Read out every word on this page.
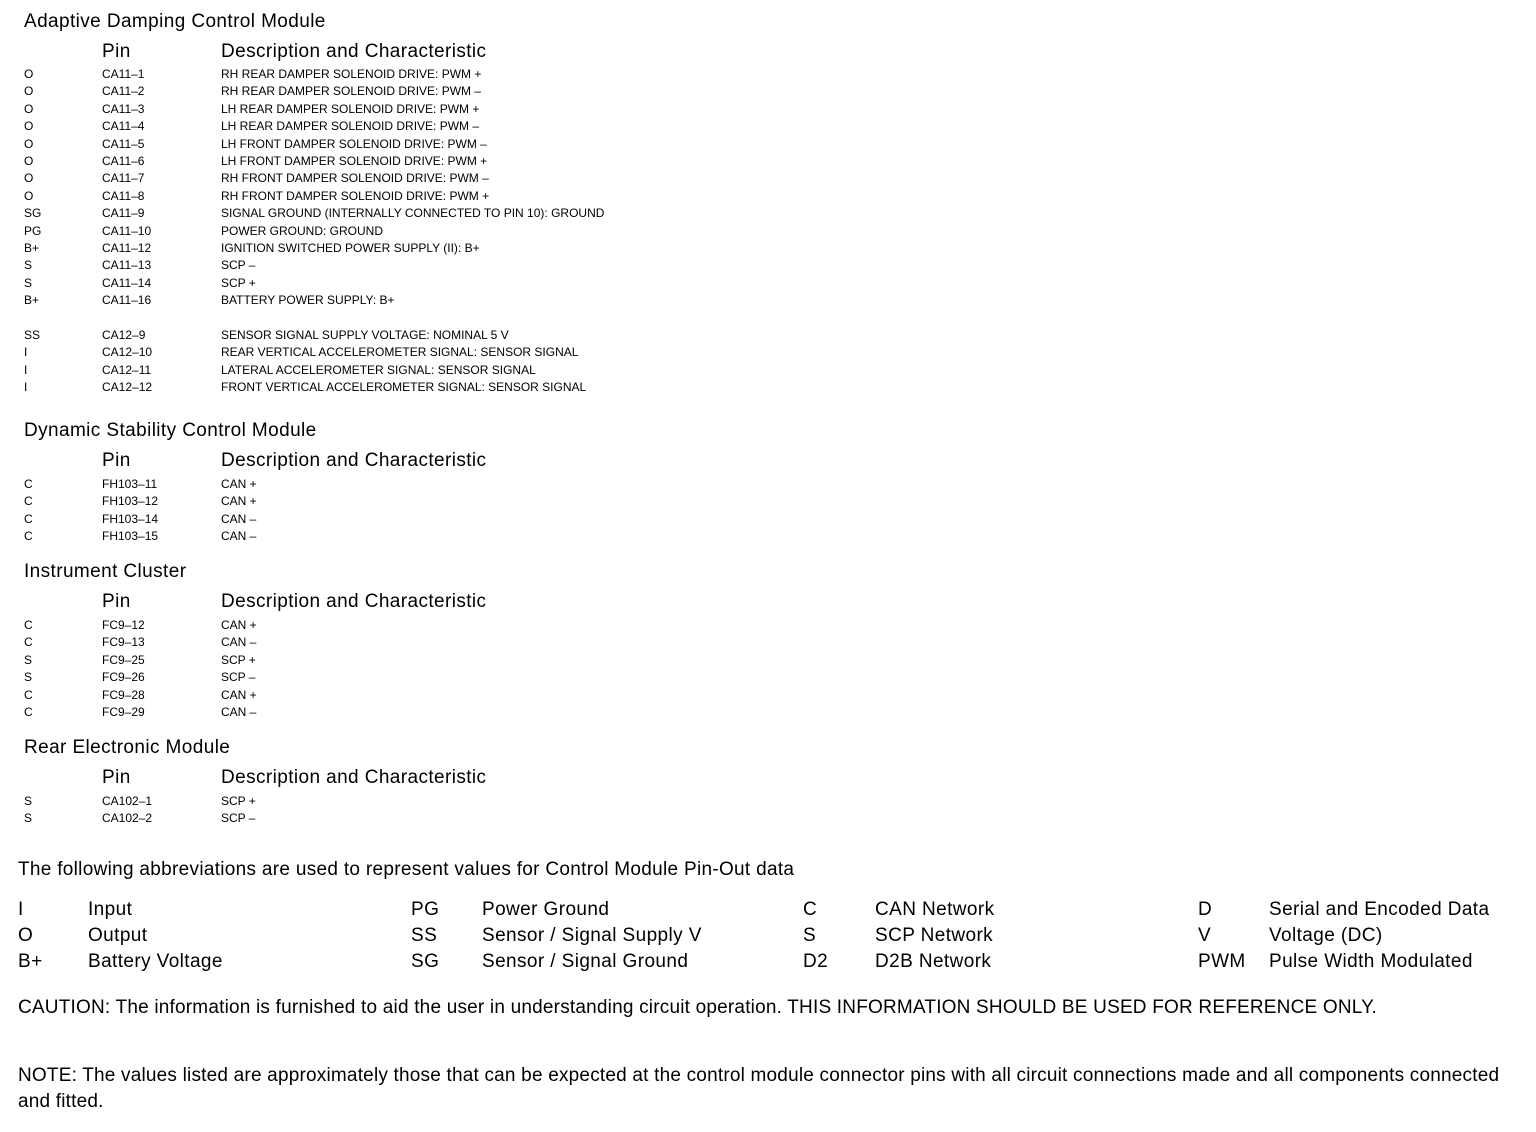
Adaptive Damping Control Module
Pin	Description and Characteristic
O	CA11–1	RH REAR DAMPER SOLENOID DRIVE: PWM +
O	CA11–2	RH REAR DAMPER SOLENOID DRIVE: PWM –
O	CA11–3	LH REAR DAMPER SOLENOID DRIVE: PWM +
O	CA11–4	LH REAR DAMPER SOLENOID DRIVE: PWM –
O	CA11–5	LH FRONT DAMPER SOLENOID DRIVE: PWM –
O	CA11–6	LH FRONT DAMPER SOLENOID DRIVE: PWM +
O	CA11–7	RH FRONT DAMPER SOLENOID DRIVE: PWM –
O	CA11–8	RH FRONT DAMPER SOLENOID DRIVE: PWM +
SG	CA11–9	SIGNAL GROUND (INTERNALLY CONNECTED TO PIN 10): GROUND
PG	CA11–10	POWER GROUND: GROUND
B+	CA11–12	IGNITION SWITCHED POWER SUPPLY (II): B+
S	CA11–13	SCP –
S	CA11–14	SCP +
B+	CA11–16	BATTERY POWER SUPPLY: B+
SS	CA12–9	SENSOR SIGNAL SUPPLY VOLTAGE: NOMINAL 5 V
I	CA12–10	REAR VERTICAL ACCELEROMETER SIGNAL: SENSOR SIGNAL
I	CA12–11	LATERAL ACCELEROMETER SIGNAL: SENSOR SIGNAL
I	CA12–12	FRONT VERTICAL ACCELEROMETER SIGNAL: SENSOR SIGNAL
Dynamic Stability Control Module
Pin	Description and Characteristic
C	FH103–11	CAN +
C	FH103–12	CAN +
C	FH103–14	CAN –
C	FH103–15	CAN –
Instrument Cluster
Pin	Description and Characteristic
C	FC9–12	CAN +
C	FC9–13	CAN –
S	FC9–25	SCP +
S	FC9–26	SCP –
C	FC9–28	CAN +
C	FC9–29	CAN –
Rear Electronic Module
Pin	Description and Characteristic
S	CA102–1	SCP +
S	CA102–2	SCP –
The following abbreviations are used to represent values for Control Module Pin-Out data
I	Input	PG Power Ground	C	CAN Network	D	Serial and Encoded Data
O	Output	SS Sensor / Signal Supply V	S	SCP Network	V	Voltage (DC)
B+ Battery Voltage	SG Sensor / Signal Ground	D2 D2B Network	PWM Pulse Width Modulated
CAUTION: The information is furnished to aid the user in understanding circuit operation. THIS INFORMATION SHOULD BE USED FOR REFERENCE ONLY.
NOTE: The values listed are approximately those that can be expected at the control module connector pins with all circuit connections made and all components connected and fitted.
